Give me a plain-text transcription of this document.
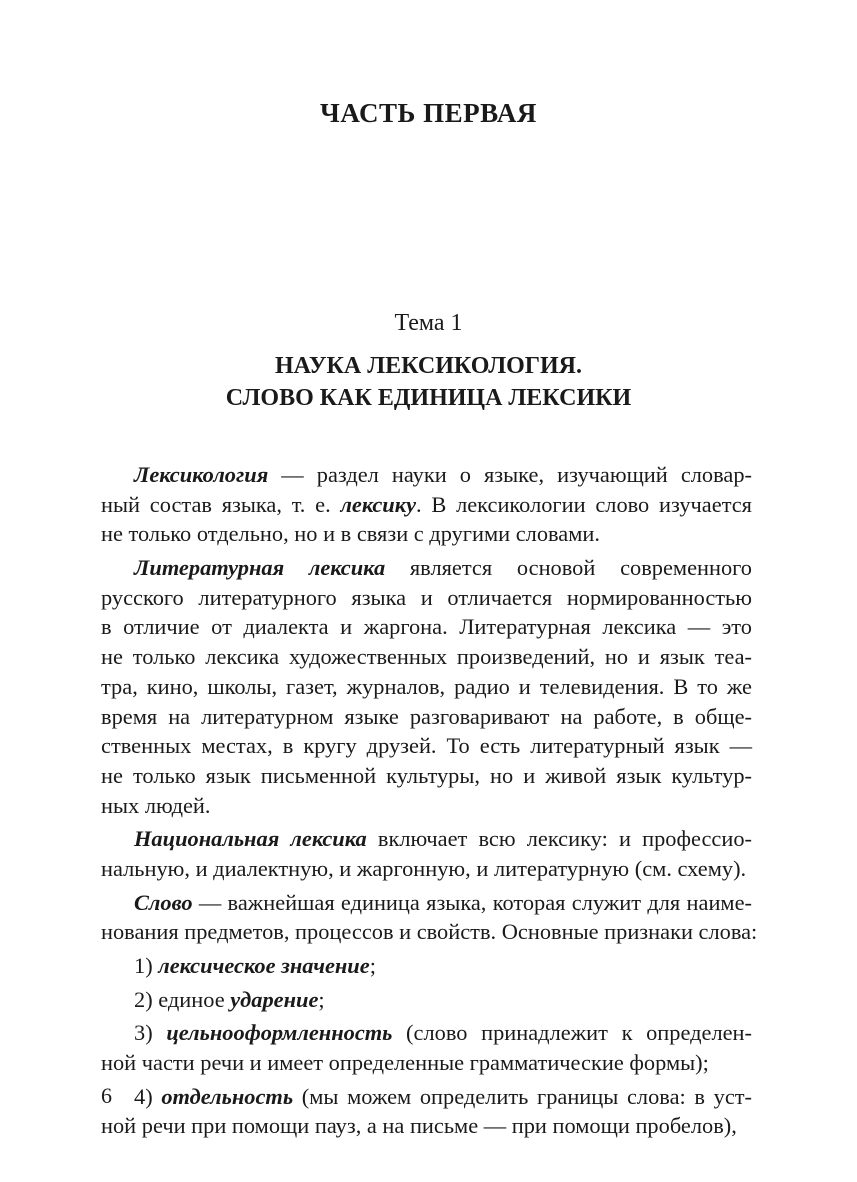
ЧАСТЬ ПЕРВАЯ
Тема 1
НАУКА ЛЕКСИКОЛОГИЯ.
СЛОВО КАК ЕДИНИЦА ЛЕКСИКИ
Лексикология — раздел науки о языке, изучающий словар-
ный состав языка, т. е. лексику. В лексикологии слово изучается
не только отдельно, но и в связи с другими словами.
Литературная лексика является основой современного
русского литературного языка и отличается нормированностью
в отличие от диалекта и жаргона. Литературная лексика — это
не только лексика художественных произведений, но и язык теа-
тра, кино, школы, газет, журналов, радио и телевидения. В то же
время на литературном языке разговаривают на работе, в обще-
ственных местах, в кругу друзей. То есть литературный язык —
не только язык письменной культуры, но и живой язык культур-
ных людей.
Национальная лексика включает всю лексику: и профессио-
нальную, и диалектную, и жаргонную, и литературную (см. схему).
Слово — важнейшая единица языка, которая служит для наиме-
нования предметов, процессов и свойств. Основные признаки слова:
1) лексическое значение;
2) единое ударение;
3) цельнооформленность (слово принадлежит к определен-
ной части речи и имеет определенные грамматические формы);
4) отдельность (мы можем определить границы слова: в уст-
ной речи при помощи пауз, а на письме — при помощи пробелов),
6
